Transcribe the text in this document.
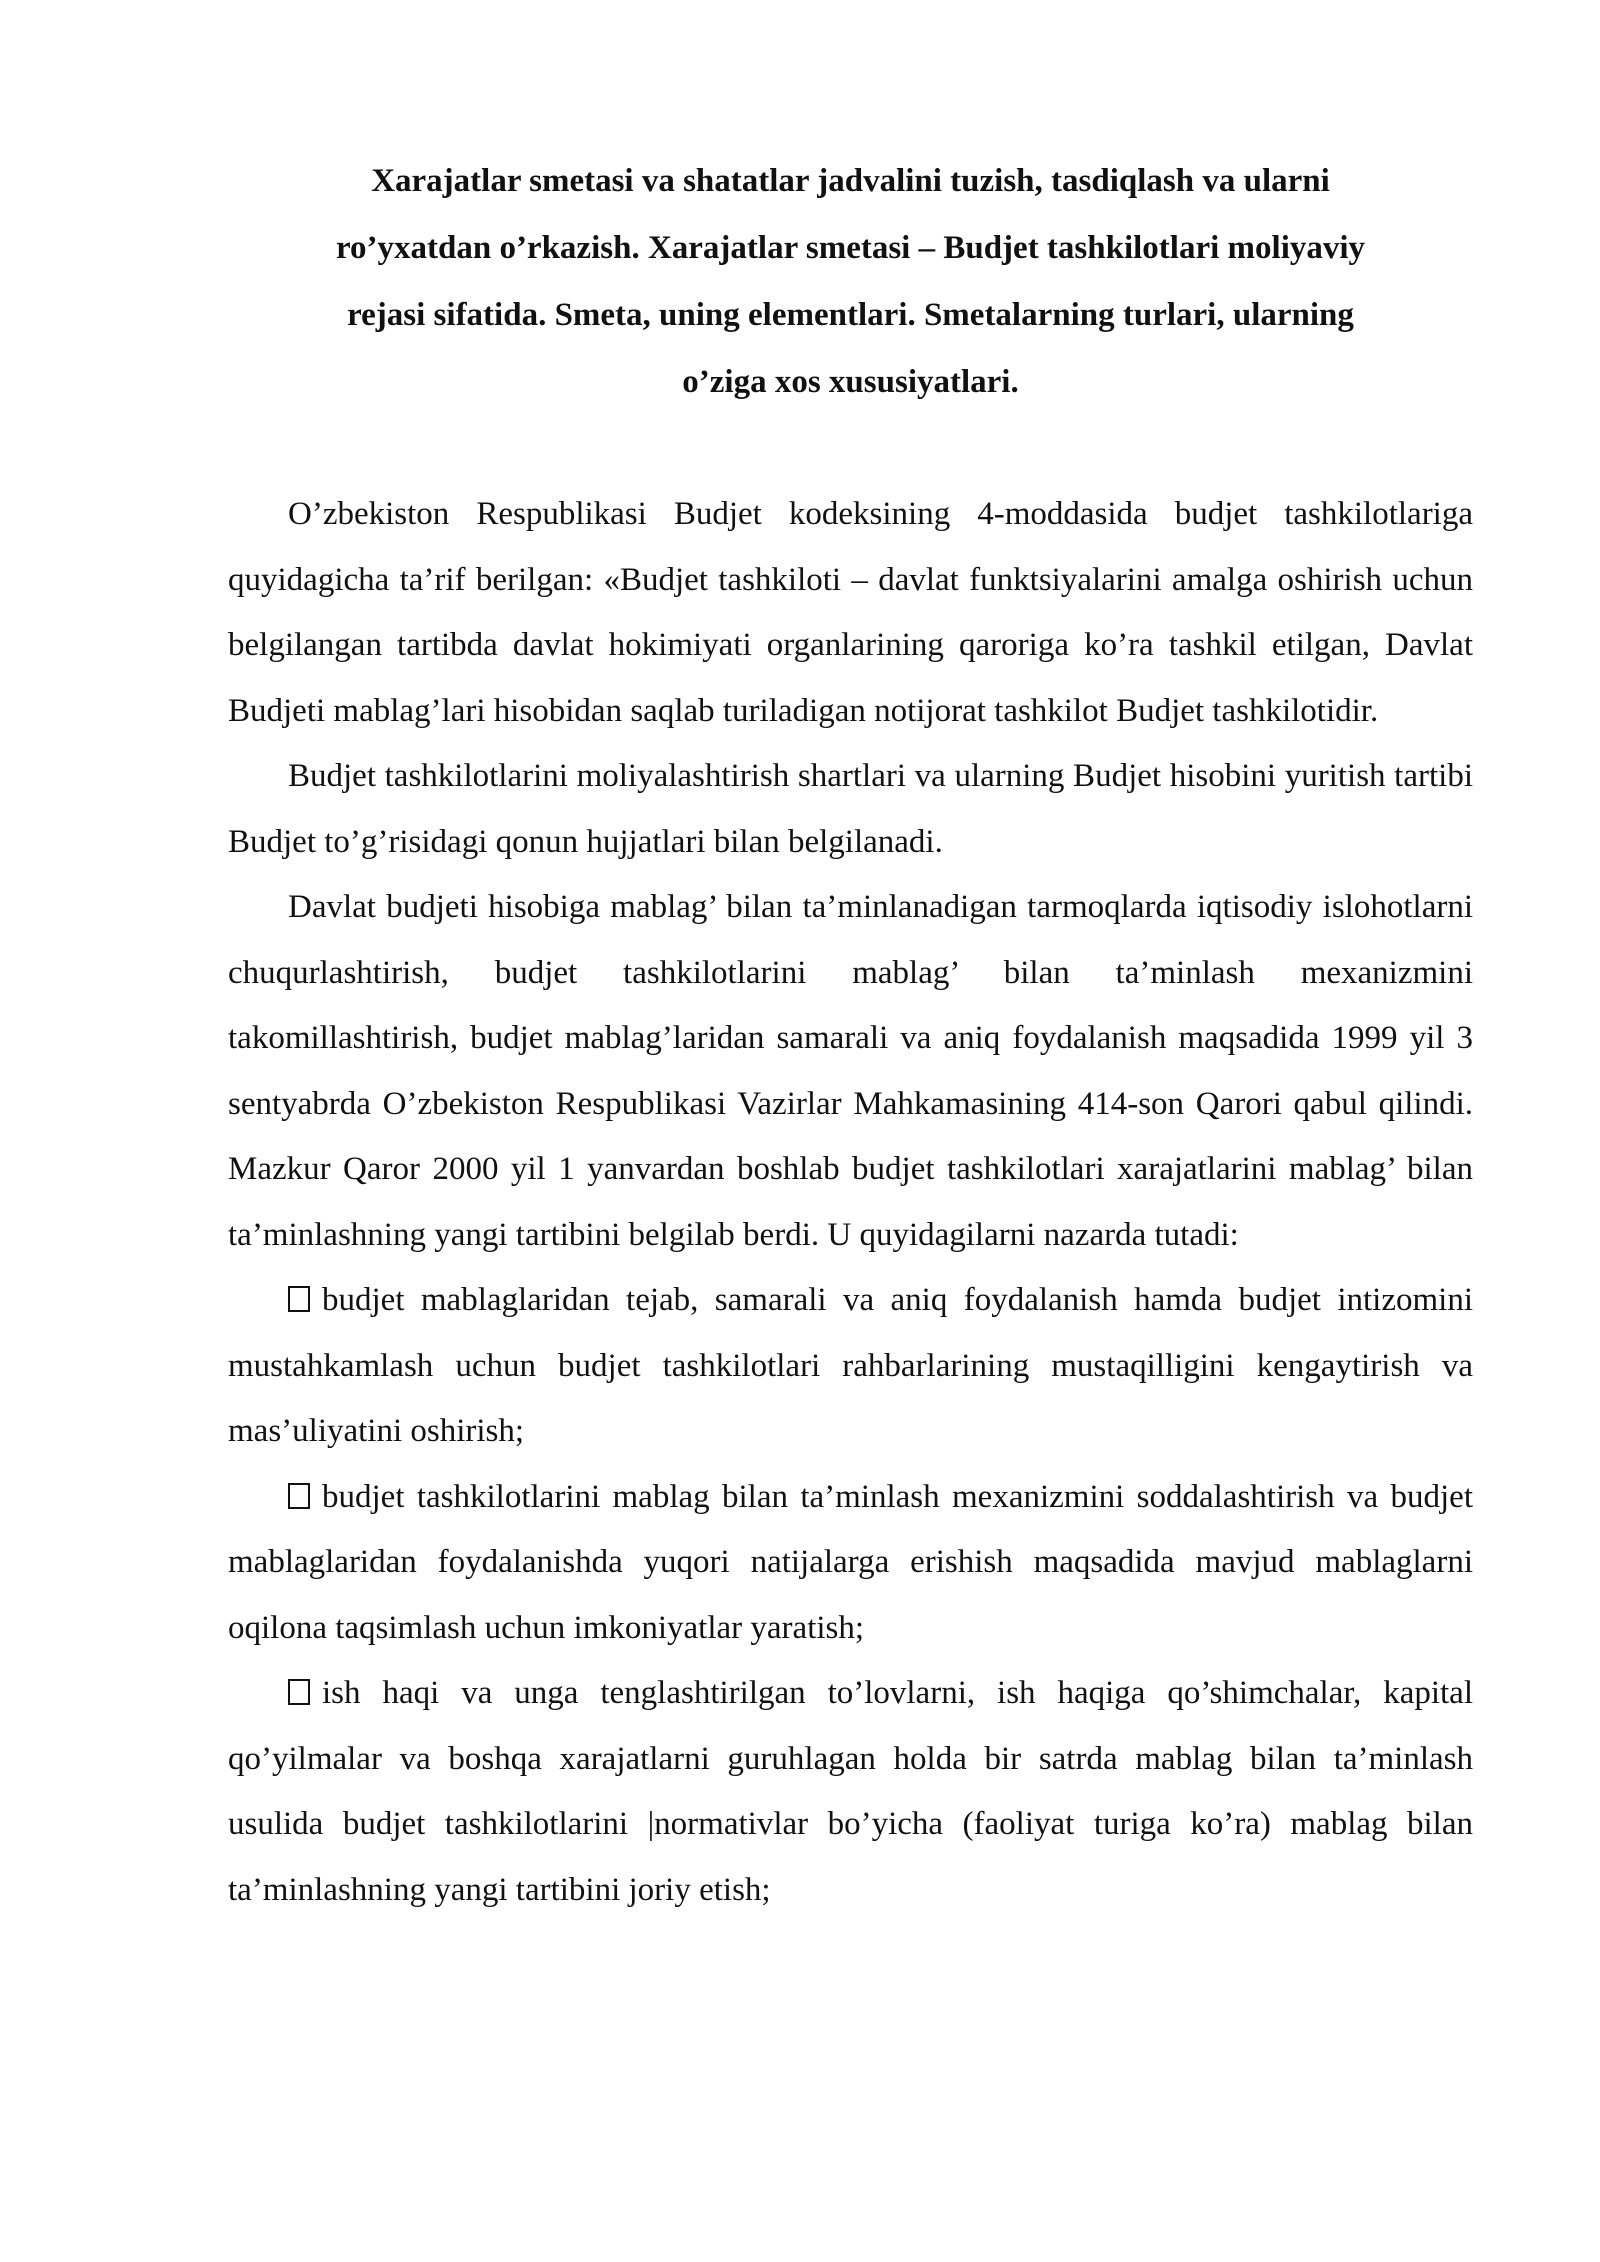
Xarajatlar smetasi va shatatlar jadvalini tuzish, tasdiqlash va ularni
ro’yxatdan o’rkazish. Xarajatlar smetasi – Budjet tashkilotlari moliyaviy
rejasi sifatida. Smeta, uning elementlari. Smetalarning turlari, ularning
o’ziga xos xususiyatlari.

O’zbekiston Respublikasi Budjet kodeksining 4-moddasida budjet tashkilotlariga quyidagicha ta’rif berilgan: «Budjet tashkiloti – davlat funktsiyalarini amalga oshirish uchun belgilangan tartibda davlat hokimiyati organlarining qaroriga ko’ra tashkil etilgan, Davlat Budjeti mablag’lari hisobidan saqlab turiladigan notijorat tashkilot Budjet tashkilotidir.

Budjet tashkilotlarini moliyalashtirish shartlari va ularning Budjet hisobini yuritish tartibi Budjet to’g’risidagi qonun hujjatlari bilan belgilanadi.

Davlat budjeti hisobiga mablag’ bilan ta’minlanadigan tarmoqlarda iqtisodiy islohotlarni chuqurlashtirish, budjet tashkilotlarini mablag’ bilan ta’minlash mexanizmini takomillashtirish, budjet mablag’laridan samarali va aniq foydalanish maqsadida 1999 yil 3 sentyabrda O’zbekiston Respublikasi Vazirlar Mahkamasining 414-son Qarori qabul qilindi. Mazkur Qaror 2000 yil 1 yanvardan boshlab budjet tashkilotlari xarajatlarini mablag’ bilan ta’minlashning yangi tartibini belgilab berdi. U quyidagilarni nazarda tutadi:

budjet mablaglaridan tejab, samarali va aniq foydalanish hamda budjet intizomini mustahkamlash uchun budjet tashkilotlari rahbarlarining mustaqilligini kengaytirish va mas’uliyatini oshirish;

budjet tashkilotlarini mablag bilan ta’minlash mexanizmini soddalashtirish va budjet mablaglaridan foydalanishda yuqori natijalarga erishish maqsadida mavjud mablaglarni oqilona taqsimlash uchun imkoniyatlar yaratish;

ish haqi va unga tenglashtirilgan to’lovlarni, ish haqiga qo’shimchalar, kapital qo’yilmalar va boshqa xarajatlarni guruhlagan holda bir satrda mablag bilan ta’minlash usulida budjet tashkilotlarini |normativlar bo’yicha (faoliyat turiga ko’ra) mablag bilan ta’minlashning yangi tartibini joriy etish;
